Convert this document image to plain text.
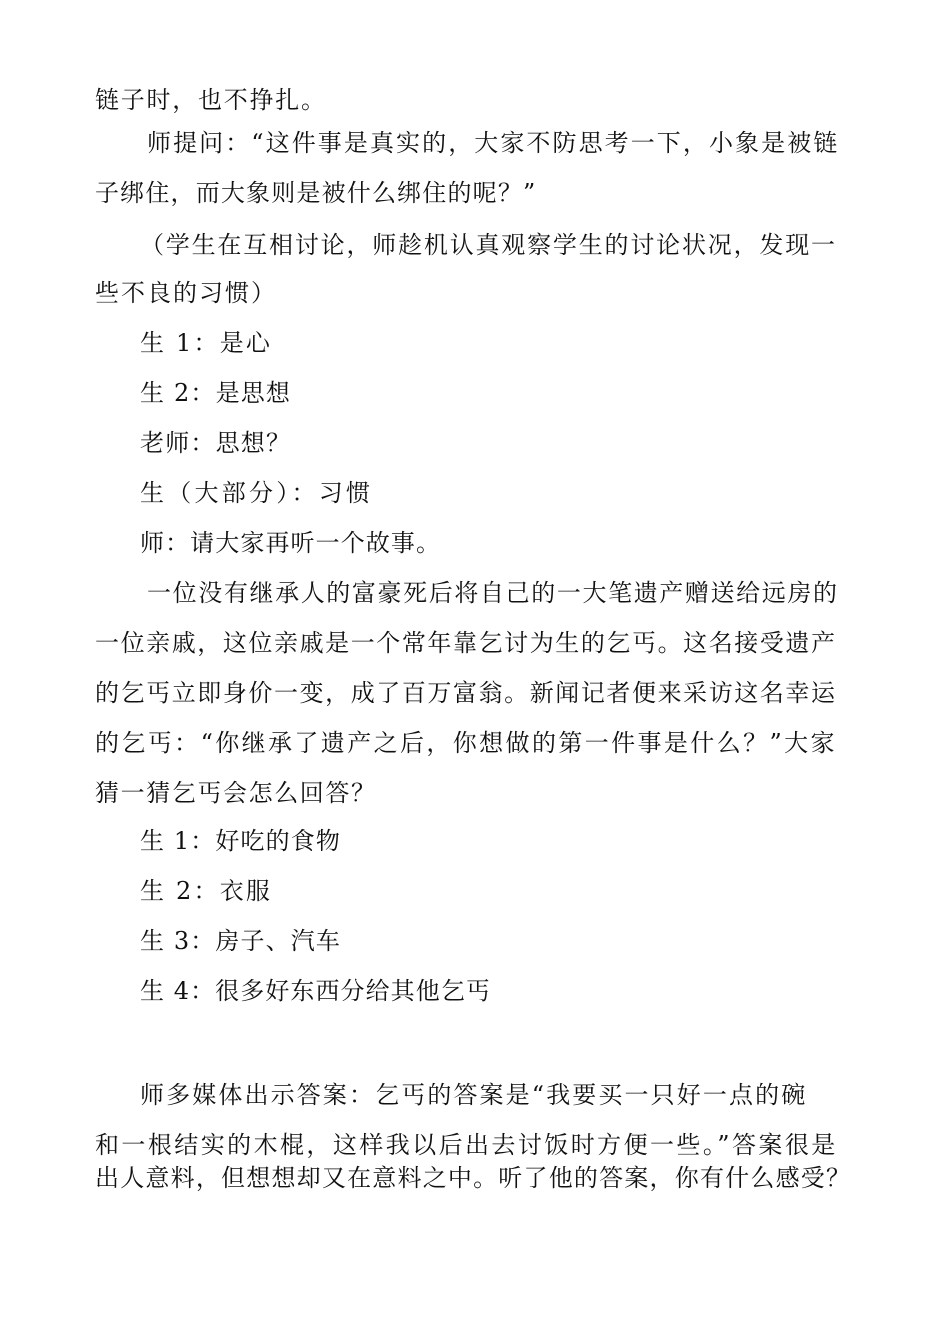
链子时，也不挣扎。
师提问：“这件事是真实的，大家不防思考一下，小象是被链
子绑住，而大象则是被什么绑住的呢？”
（学生在互相讨论，师趁机认真观察学生的讨论状况，发现一
些不良的习惯）
生 1：是心
生 2：是思想
老师：思想？
生（大部分）：习惯
师：请大家再听一个故事。
一位没有继承人的富豪死后将自己的一大笔遗产赠送给远房的
一位亲戚，这位亲戚是一个常年靠乞讨为生的乞丐。这名接受遗产
的乞丐立即身价一变，成了百万富翁。新闻记者便来采访这名幸运
的乞丐：“你继承了遗产之后，你想做的第一件事是什么？”大家
猜一猜乞丐会怎么回答？
生 1：好吃的食物
生 2：衣服
生 3：房子、汽车
生 4：很多好东西分给其他乞丐
师多媒体出示答案：乞丐的答案是“我要买一只好一点的碗
和一根结实的木棍，这样我以后出去讨饭时方便一些。”答案很是
出人意料，但想想却又在意料之中。听了他的答案，你有什么感受？
